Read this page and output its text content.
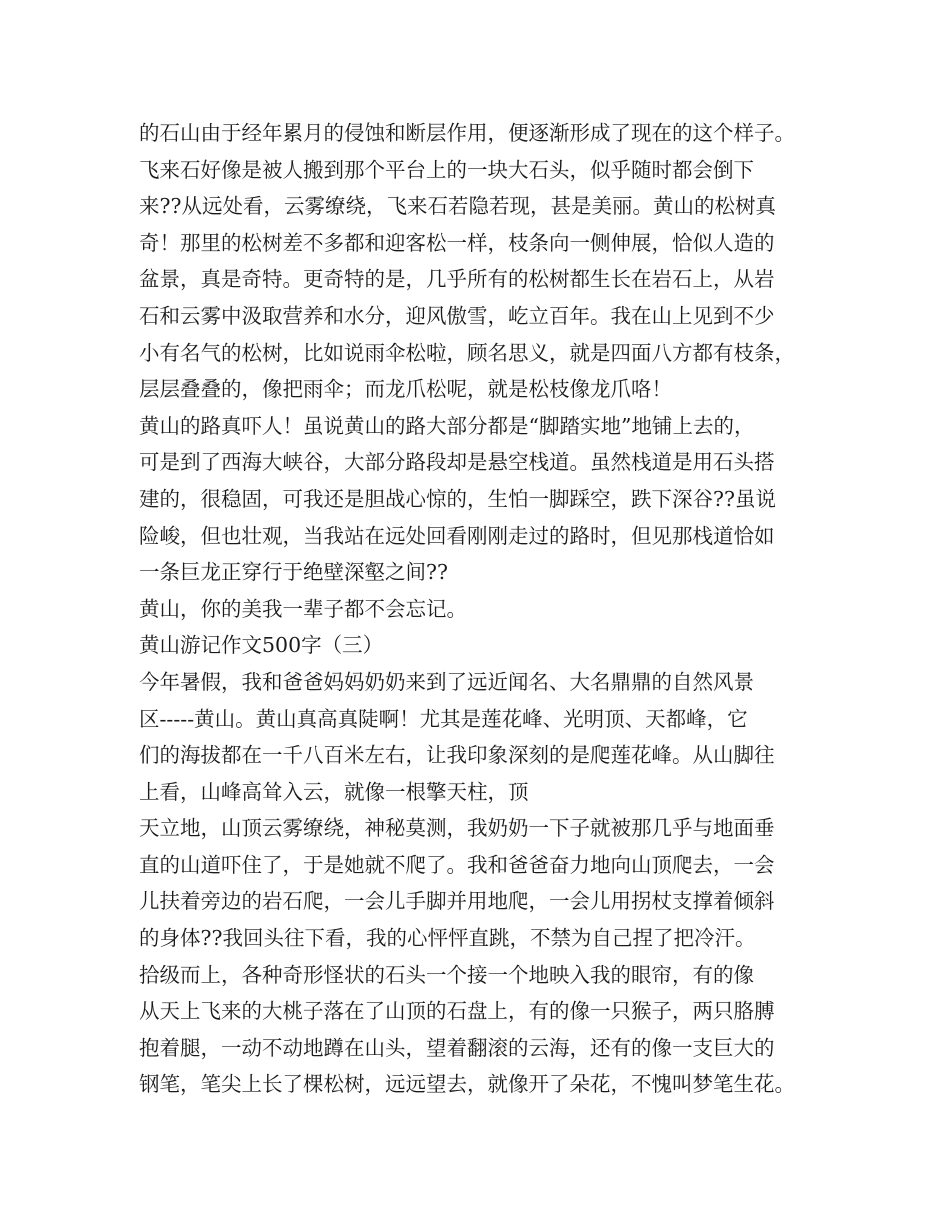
的石山由于经年累月的侵蚀和断层作用，便逐渐形成了现在的这个样子。
飞来石好像是被人搬到那个平台上的一块大石头，似乎随时都会倒下
来??从远处看，云雾缭绕，飞来石若隐若现，甚是美丽。黄山的松树真
奇！那里的松树差不多都和迎客松一样，枝条向一侧伸展，恰似人造的
盆景，真是奇特。更奇特的是，几乎所有的松树都生长在岩石上，从岩
石和云雾中汲取营养和水分，迎风傲雪，屹立百年。我在山上见到不少
小有名气的松树，比如说雨伞松啦，顾名思义，就是四面八方都有枝条，
层层叠叠的，像把雨伞；而龙爪松呢，就是松枝像龙爪咯！
黄山的路真吓人！虽说黄山的路大部分都是“脚踏实地”地铺上去的，
可是到了西海大峡谷，大部分路段却是悬空栈道。虽然栈道是用石头搭
建的，很稳固，可我还是胆战心惊的，生怕一脚踩空，跌下深谷??虽说
险峻，但也壮观，当我站在远处回看刚刚走过的路时，但见那栈道恰如
一条巨龙正穿行于绝壁深壑之间??
黄山，你的美我一辈子都不会忘记。
黄山游记作文500字（三）
今年暑假，我和爸爸妈妈奶奶来到了远近闻名、大名鼎鼎的自然风景
区-----黄山。黄山真高真陡啊！尤其是莲花峰、光明顶、天都峰，它
们的海拔都在一千八百米左右，让我印象深刻的是爬莲花峰。从山脚往
上看，山峰高耸入云，就像一根擎天柱，顶
天立地，山顶云雾缭绕，神秘莫测，我奶奶一下子就被那几乎与地面垂
直的山道吓住了，于是她就不爬了。我和爸爸奋力地向山顶爬去，一会
儿扶着旁边的岩石爬，一会儿手脚并用地爬，一会儿用拐杖支撑着倾斜
的身体??我回头往下看，我的心怦怦直跳，不禁为自己捏了把冷汗。
拾级而上，各种奇形怪状的石头一个接一个地映入我的眼帘，有的像
从天上飞来的大桃子落在了山顶的石盘上，有的像一只猴子，两只胳膊
抱着腿，一动不动地蹲在山头，望着翻滚的云海，还有的像一支巨大的
钢笔，笔尖上长了棵松树，远远望去，就像开了朵花，不愧叫梦笔生花。
